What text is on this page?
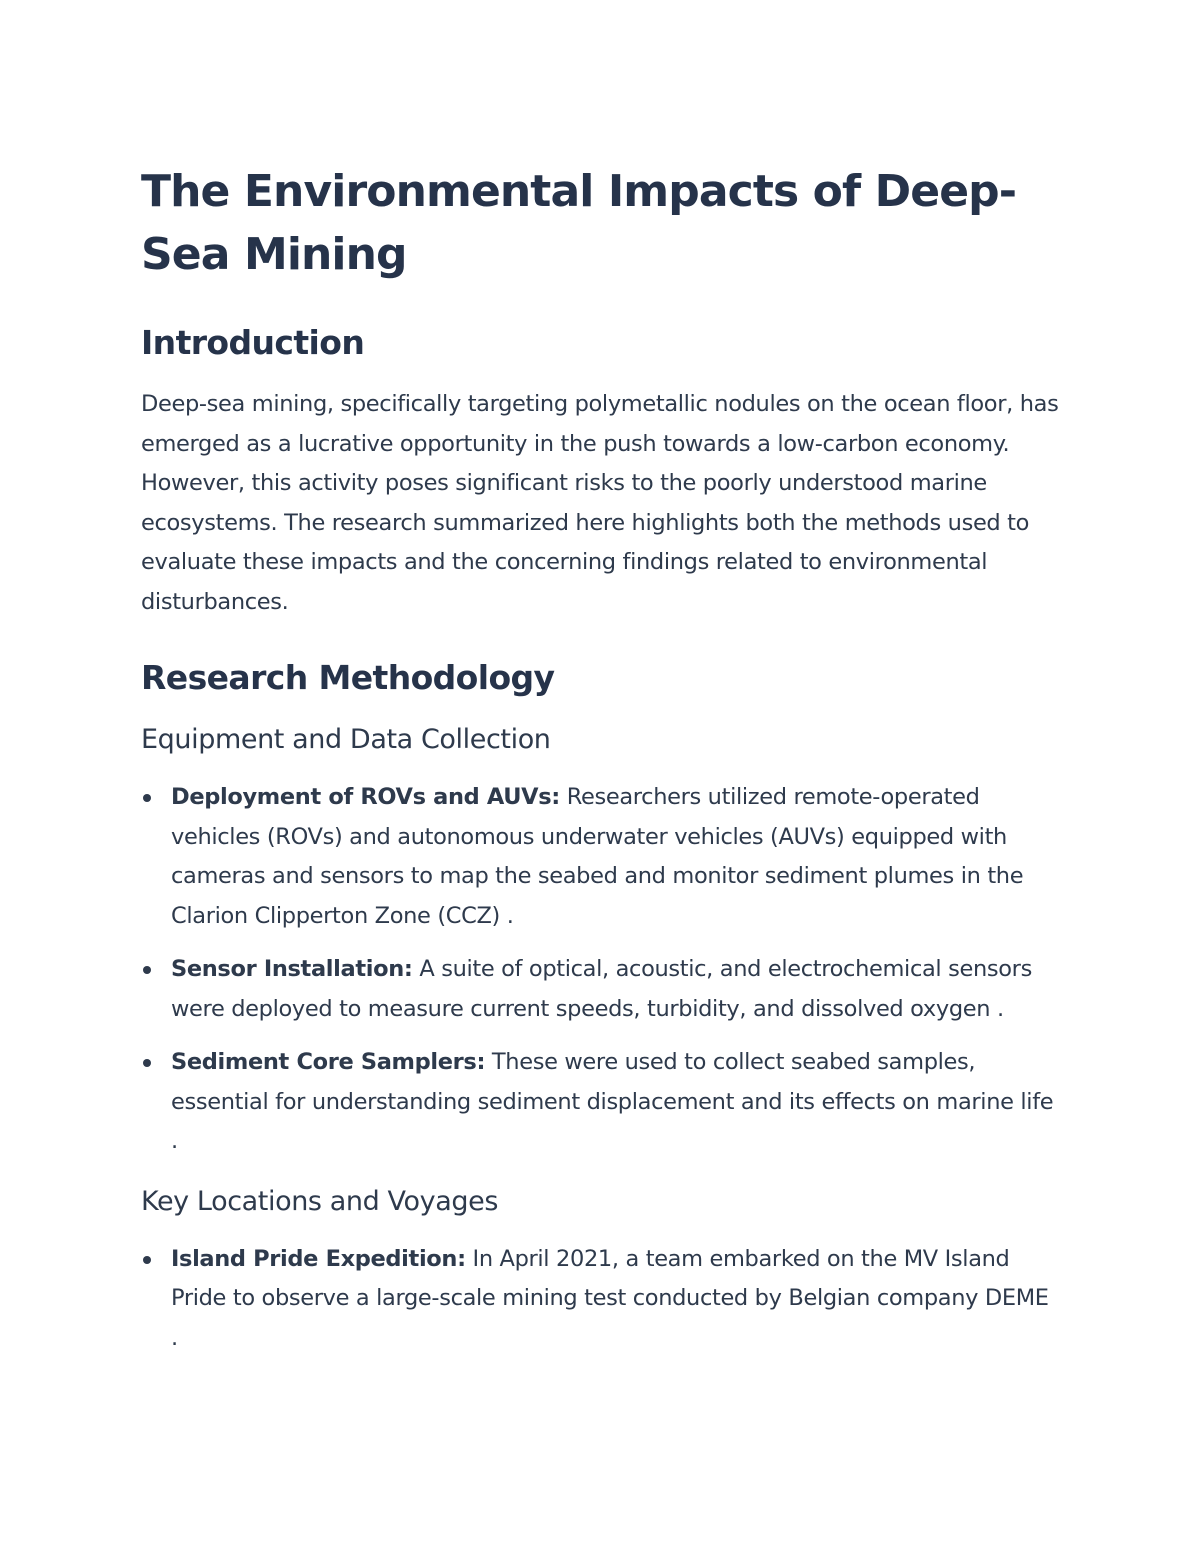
The Environmental Impacts of Deep-Sea Mining
Introduction

Deep-sea mining, specifically targeting polymetallic nodules on the ocean floor, has emerged as a lucrative opportunity in the push towards a low-carbon economy. However, this activity poses significant risks to the poorly understood marine ecosystems. The research summarized here highlights both the methods used to evaluate these impacts and the concerning findings related to environmental disturbances.

Research Methodology
Equipment and Data Collection
Deployment of ROVs and AUVs: Researchers utilized remote-operated vehicles (ROVs) and autonomous underwater vehicles (AUVs) equipped with cameras and sensors to map the seabed and monitor sediment plumes in the Clarion Clipperton Zone (CCZ) .
Sensor Installation: A suite of optical, acoustic, and electrochemical sensors were deployed to measure current speeds, turbidity, and dissolved oxygen .
Sediment Core Samplers: These were used to collect seabed samples, essential for understanding sediment displacement and its effects on marine life .
Key Locations and Voyages
Island Pride Expedition: In April 2021, a team embarked on the MV Island Pride to observe a large-scale mining test conducted by Belgian company DEME .
